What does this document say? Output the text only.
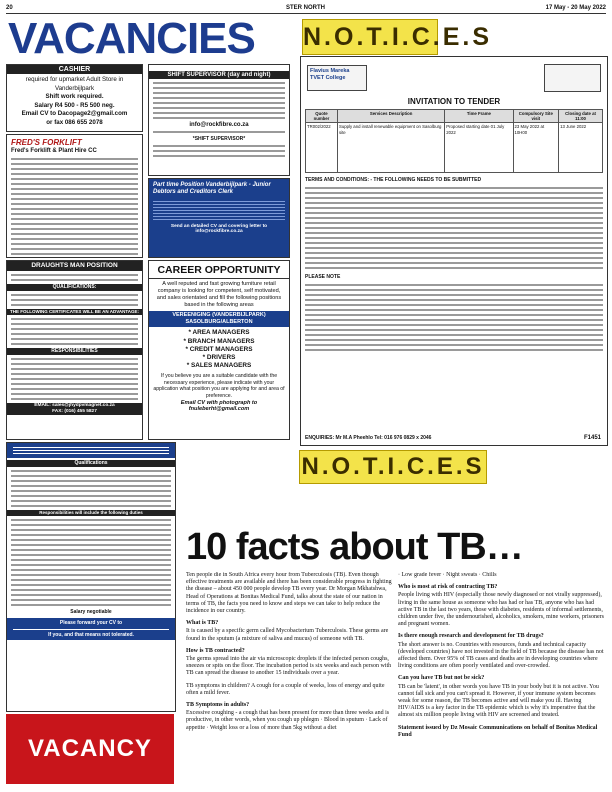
20	STER NORTH	17 May - 20 May 2022
VACANCIES N.O.T.I.C.E.S
CASHIER
required for upmarket Adult Store in
Vanderbijlpark
Shift work required.
Salary R4 500 - R5 500 neg.
Email CV to Dacopage2@gmail.com
or fax 086 655 2078
FRED'S FORKLIFT
Fred's Forklift & Plant Hire CC
SHIFT SUPERVISOR (day and night)
info@rockfibre.co.za
*SHIFT SUPERVISOR*
Part time Position Vanderbijlpark - Junior Debtors and Creditors Clerk
Send an detailed CV and covering letter to info@rockfibre.co.za
DRAUGHTS MAN POSITION
QUALIFICATIONS:
THE FOLLOWING CERTIFICATES WILL BE AN ADVANTAGE:
RESPONSIBILITIES
EMAIL: sales@jhydpvmagnet.co.za
FAX: (016) 455 5827
CAREER OPPORTUNITY
A well reputed and fast growing furniture retail company is looking for competent, self motivated, and sales orientated and fill the following positions based in the following areas
VEREENIGING (VANDERBIJLPARK) SASOLBURG/ALBERTON
* AREA MANAGERS
* BRANCH MANAGERS
* CREDIT MANAGERS
* DRIVERS
* SALES MANAGERS
If you believe you are a suitable candidate with the necessary experience, please indicate with your application what position you are applying for and area of preference.
Email CV with photograph to
fnuleberht@gmail.com
Flavius Mareka TVET College
INVITATION TO TENDER
Quote number	Services Description	Time Frame	Compulsory Site visit	Closing date at 11:00
TR002/2022	Supply and install renewable equipment on Sasolburg site	Proposed starting date 01 July 2022	23 May 2022 at 10H00	13 June 2022
TERMS AND CONDITIONS: - THE FOLLOWING NEEDS TO BE SUBMITTED
PLEASE NOTE
ENQUIRIES: Mr M.A Pheehlo Tel: 016 976 0829 x 2046	F1451
N.O.T.I.C.E.S
Qualifications
Responsibilities will include the following duties
Salary negotiable
Please forward your CV to
If you, and that means not tolerated.
VACANCY
10 facts about TB…

Ten people die in South Africa every hour from Tuberculosis (TB). Even though effective treatments are available and there has been considerable progress in fighting the disease – about 450 000 people develop TB every year. Dr Morgan Mkhatshwa, Head of Operations at Bonitas Medical Fund, talks about the state of our nation in terms of TB, the facts you need to know and steps we can take to help reduce the incidence in our country.

What is TB?

It is caused by a specific germ called Mycobacterium Tuberculosis. These germs are found in the sputum (a mixture of saliva and mucus) of someone with TB.

How is TB contracted?

The germs spread into the air via microscopic droplets if the infected person coughs, sneezes or spits on the floor. The incubation period is six weeks and each person with TB can spread the disease to another 15 individuals over a year.

TB symptoms in children? A cough for a couple of weeks, loss of energy and quite often a mild fever.

TB Symptoms in adults?

Excessive coughing - a cough that has been present for more than three weeks and is productive, in other words, when you cough up phlegm · Blood in sputum · Lack of appetite · Weight loss or a loss of more than 5kg without a diet

· Low grade fever · Night sweats · Chills

Who is most at risk of contracting TB?

People living with HIV (especially those newly diagnosed or not virally suppressed), living in the same house as someone who has had or has TB, anyone who has had active TB in the last two years, those with diabetes, residents of informal settlements, children under five, the undernourished, alcoholics, smokers, mine workers, prisoners and pregnant women.

Is there enough research and development for TB drugs?

The short answer is no. Countries with resources, funds and technical capacity (developed countries) have not invested in the field of TB because the disease has not affected them. Over 95% of TB cases and deaths are in developing countries where living conditions are often poorly ventilated and over-crowded.

Can you have TB but not be sick?

TB can be 'latent', in other words you have TB in your body but it is not active. You cannot fall sick and you can't spread it. However, if your immune system becomes weak for some reason, the TB becomes active and will make you ill. Having HIV/AIDS is a key factor in the TB epidemic which is why it's imperative that the almost six million people living with HIV are screened and treated.

Statement issued by Dz Mosaic Communications on behalf of Bonitas Medical Fund
